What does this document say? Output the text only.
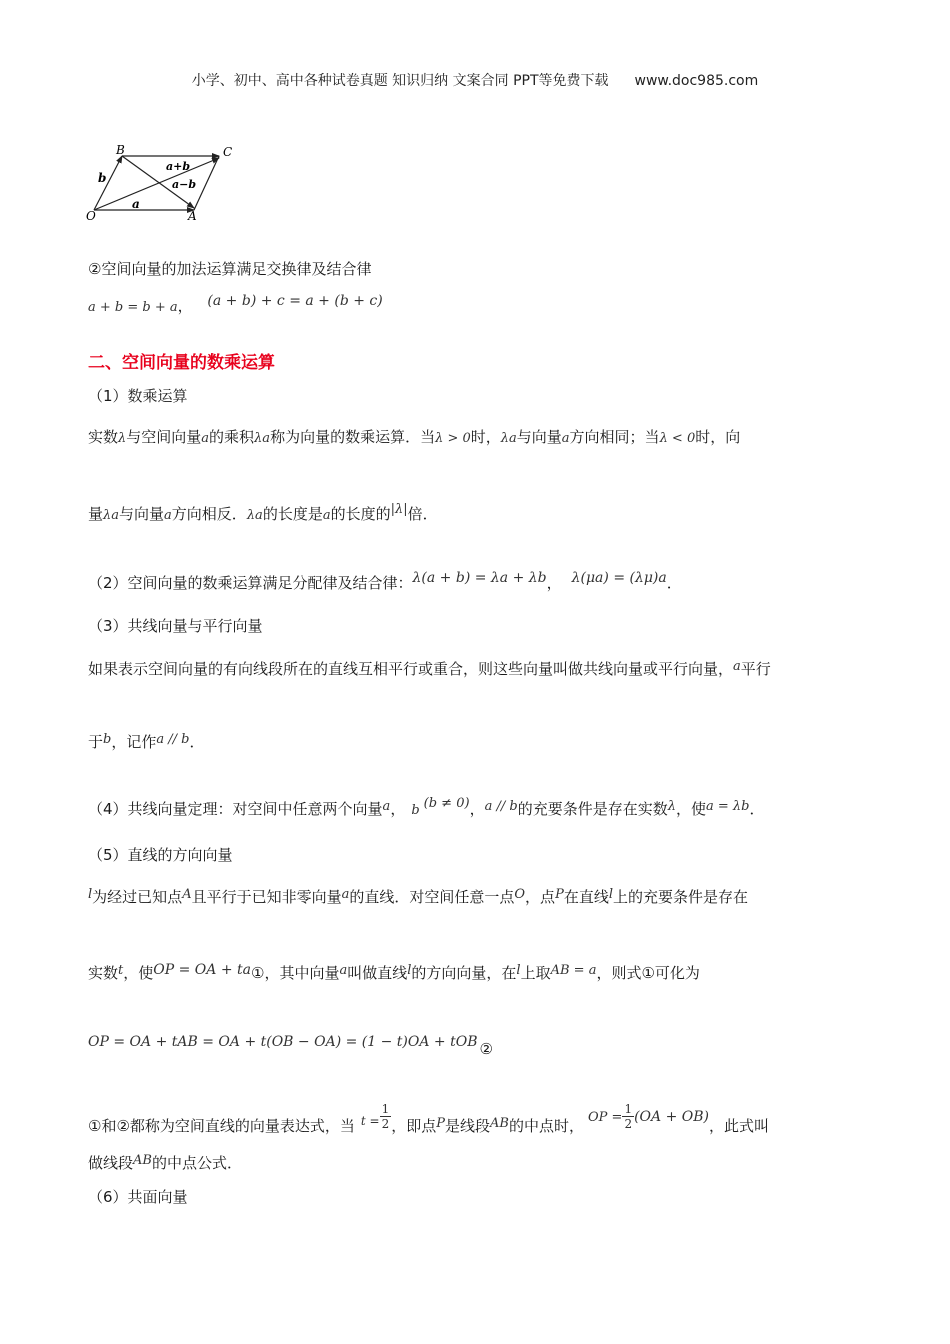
小学、初中、高中各种试卷真题 知识归纳 文案合同 PPT等免费下载 www.doc985.com
B	C
O	A
b
a
a+b
a−b
②空间向量的加法运算满足交换律及结合律
a + b = b + a， (a + b) + c = a + (b + c)
二、空间向量的数乘运算
（1）数乘运算
实数λ与空间向量a的乘积λa称为向量的数乘运算．当λ > 0时，λa与向量a方向相同；当λ < 0时，向
量λa与向量a方向相反．λa的长度是a的长度的|λ|倍．
（2）空间向量的数乘运算满足分配律及结合律：λ(a + b) = λa + λb， λ(μa) = (λμ)a．
（3）共线向量与平行向量
如果表示空间向量的有向线段所在的直线互相平行或重合，则这些向量叫做共线向量或平行向量，a平行
于b，记作a // b．
（4）共线向量定理：对空间中任意两个向量a， b (b ≠ 0)，a // b的充要条件是存在实数λ，使a = λb．
（5）直线的方向向量
l为经过已知点A且平行于已知非零向量a的直线．对空间任意一点O，点P在直线l上的充要条件是存在
实数t，使OP = OA + ta①，其中向量a叫做直线l的方向向量，在l上取AB = a，则式①可化为
OP = OA + tAB = OA + t(OB − OA) = (1 − t)OA + tOB ②
①和②都称为空间直线的向量表达式，当 $^{t =} \frac{1}{2}$ ，即点P是线段AB的中点时， OP = $\frac{1}{2} (OA + OB)$，此式叫
做线段AB的中点公式．
（6）共面向量
